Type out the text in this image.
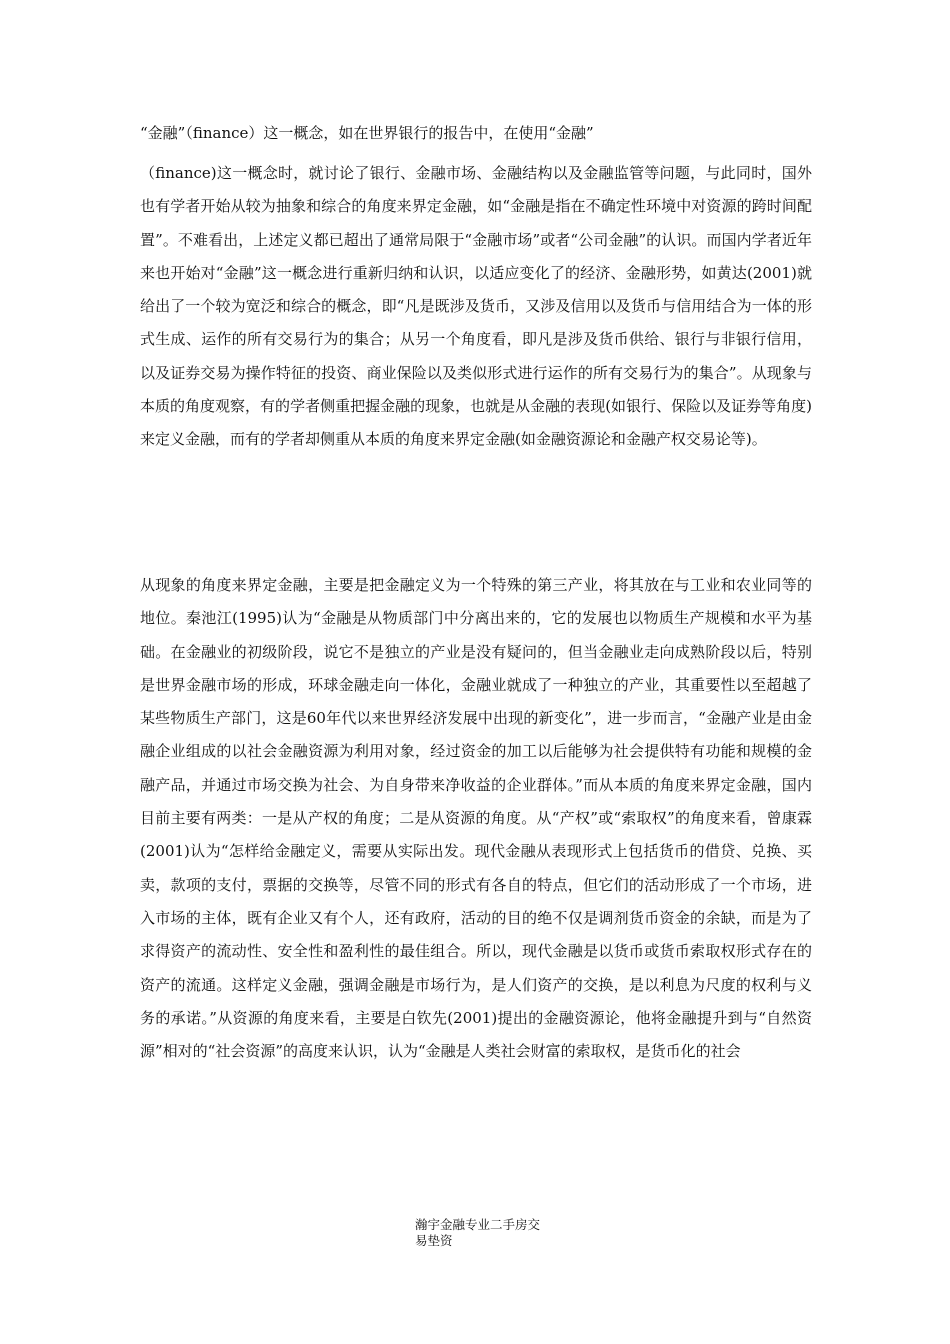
“金融”（finance）这一概念，如在世界银行的报告中，在使用“金融”

（finance)这一概念时，就讨论了银行、金融市场、金融结构以及金融监管等问题，与此同时，国外也有学者开始从较为抽象和综合的角度来界定金融，如“金融是指在不确定性环境中对资源的跨时间配置”。不难看出，上述定义都已超出了通常局限于“金融市场”或者“公司金融”的认识。而国内学者近年来也开始对“金融”这一概念进行重新归纳和认识，以适应变化了的经济、金融形势，如黄达(2001)就给出了一个较为宽泛和综合的概念，即“凡是既涉及货币，又涉及信用以及货币与信用结合为一体的形式生成、运作的所有交易行为的集合；从另一个角度看，即凡是涉及货币供给、银行与非银行信用，以及证券交易为操作特征的投资、商业保险以及类似形式进行运作的所有交易行为的集合”。从现象与本质的角度观察，有的学者侧重把握金融的现象，也就是从金融的表现(如银行、保险以及证券等角度)来定义金融，而有的学者却侧重从本质的角度来界定金融(如金融资源论和金融产权交易论等)。

从现象的角度来界定金融，主要是把金融定义为一个特殊的第三产业，将其放在与工业和农业同等的地位。秦池江(1995)认为“金融是从物质部门中分离出来的，它的发展也以物质生产规模和水平为基础。在金融业的初级阶段，说它不是独立的产业是没有疑问的，但当金融业走向成熟阶段以后，特别是世界金融市场的形成，环球金融走向一体化，金融业就成了一种独立的产业，其重要性以至超越了某些物质生产部门，这是60年代以来世界经济发展中出现的新变化”，进一步而言，“金融产业是由金融企业组成的以社会金融资源为利用对象，经过资金的加工以后能够为社会提供特有功能和规模的金融产品，并通过市场交换为社会、为自身带来净收益的企业群体。”而从本质的角度来界定金融，国内目前主要有两类：一是从产权的角度；二是从资源的角度。从“产权”或“索取权”的角度来看，曾康霖(2001)认为“怎样给金融定义，需要从实际出发。现代金融从表现形式上包括货币的借贷、兑换、买卖，款项的支付，票据的交换等，尽管不同的形式有各自的特点，但它们的活动形成了一个市场，进入市场的主体，既有企业又有个人，还有政府，活动的目的绝不仅是调剂货币资金的余缺，而是为了求得资产的流动性、安全性和盈利性的最佳组合。所以，现代金融是以货币或货币索取权形式存在的资产的流通。这样定义金融，强调金融是市场行为，是人们资产的交换，是以利息为尺度的权利与义务的承诺。”从资源的角度来看，主要是白钦先(2001)提出的金融资源论，他将金融提升到与“自然资源”相对的“社会资源”的高度来认识，认为“金融是人类社会财富的索取权，是货币化的社会

瀚宇金融专业二手房交易垫资
